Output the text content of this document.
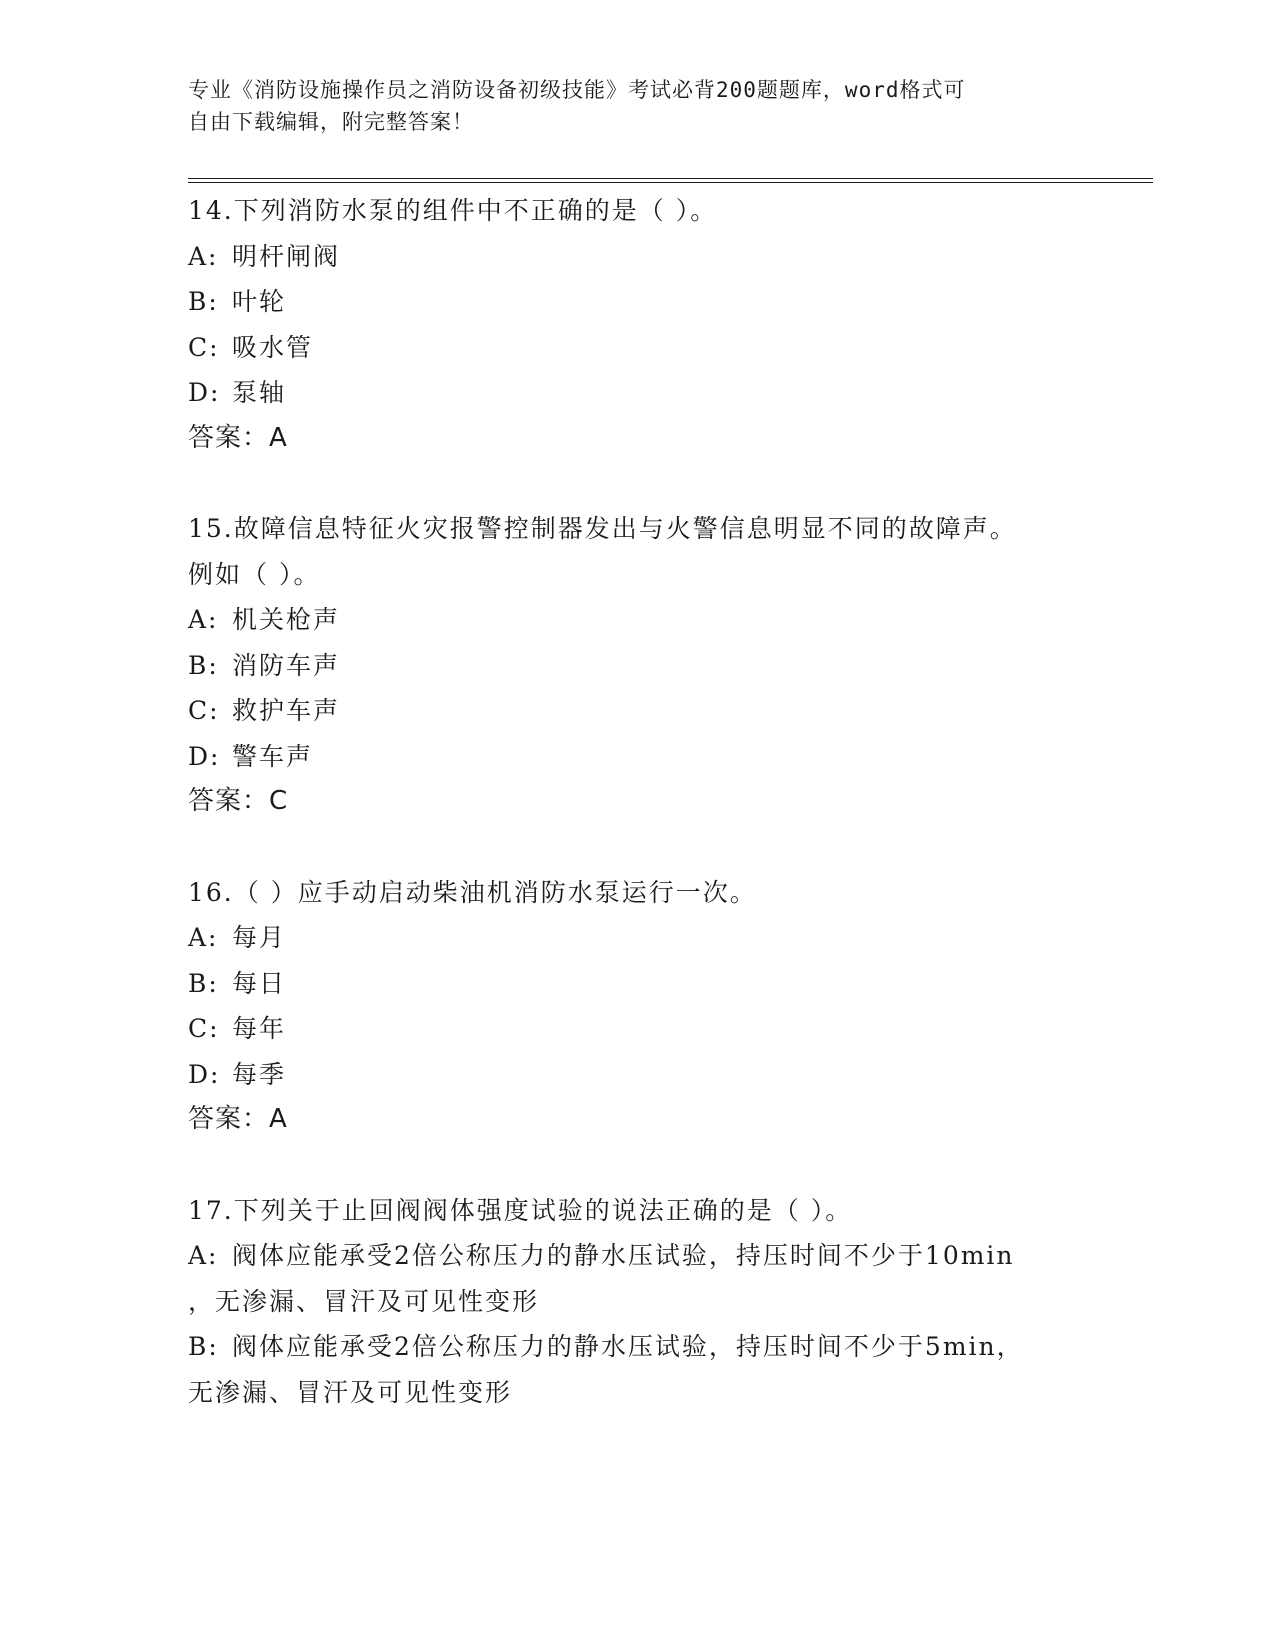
专业《消防设施操作员之消防设备初级技能》考试必背200题题库，word格式可
自由下载编辑，附完整答案！
14.下列消防水泵的组件中不正确的是（ ）。
A: 明杆闸阀
B: 叶轮
C: 吸水管
D: 泵轴
答案：A
15.故障信息特征火灾报警控制器发出与火警信息明显不同的故障声。
例如（ ）。
A: 机关枪声
B: 消防车声
C: 救护车声
D: 警车声
答案：C
16.（ ）应手动启动柴油机消防水泵运行一次。
A: 每月
B: 每日
C: 每年
D: 每季
答案：A
17.下列关于止回阀阀体强度试验的说法正确的是（ ）。
A: 阀体应能承受2倍公称压力的静水压试验，持压时间不少于10min
，无渗漏、冒汗及可见性变形
B: 阀体应能承受2倍公称压力的静水压试验，持压时间不少于5min，
无渗漏、冒汗及可见性变形
